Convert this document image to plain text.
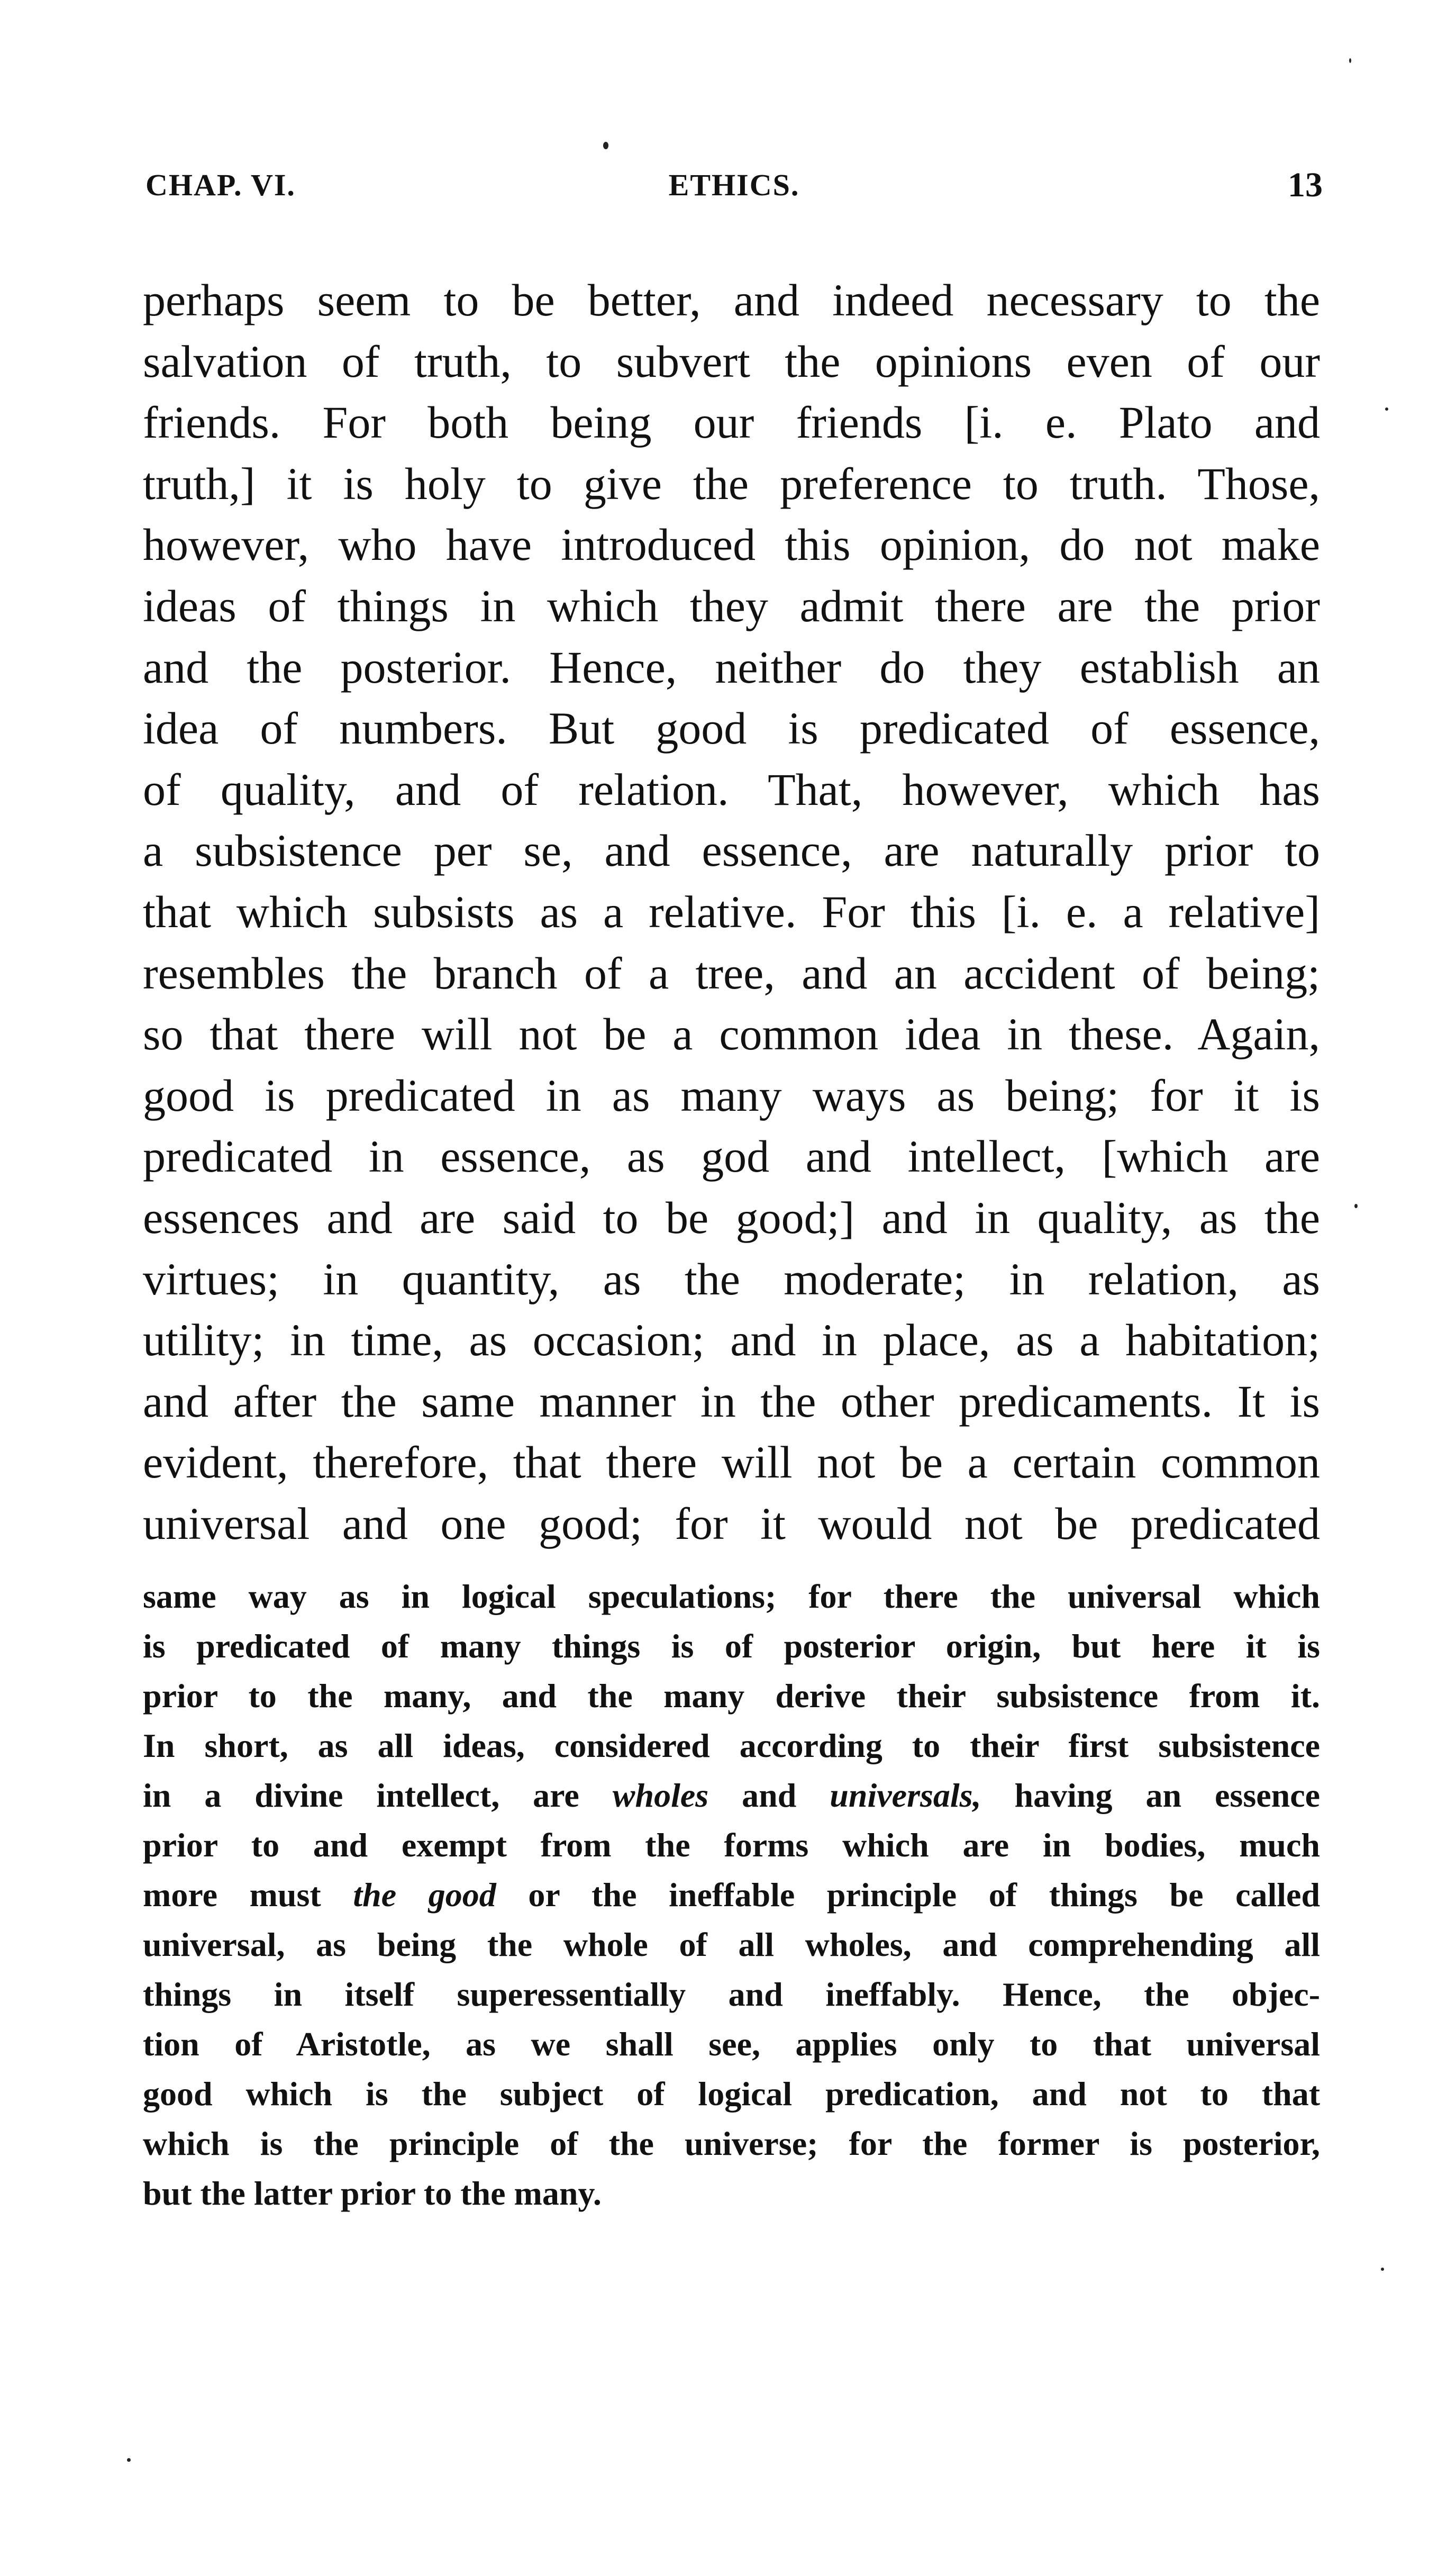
CHAP. VI.	ETHICS.	13
perhaps seem to be better, and indeed necessary to the
salvation of truth, to subvert the opinions even of our
friends. For both being our friends [i. e. Plato and
truth,] it is holy to give the preference to truth. Those,
however, who have introduced this opinion, do not make
ideas of things in which they admit there are the prior
and the posterior. Hence, neither do they establish an
idea of numbers. But good is predicated of essence,
of quality, and of relation. That, however, which has
a subsistence per se, and essence, are naturally prior to
that which subsists as a relative. For this [i. e. a relative]
resembles the branch of a tree, and an accident of being;
so that there will not be a common idea in these. Again,
good is predicated in as many ways as being; for it is
predicated in essence, as god and intellect, [which are
essences and are said to be good;] and in quality, as the
virtues; in quantity, as the moderate; in relation, as
utility; in time, as occasion; and in place, as a habitation;
and after the same manner in the other predicaments. It is
evident, therefore, that there will not be a certain common
universal and one good; for it would not be predicated
same way as in logical speculations; for there the universal which
is predicated of many things is of posterior origin, but here it is
prior to the many, and the many derive their subsistence from it.
In short, as all ideas, considered according to their first subsistence
in a divine intellect, are wholes and universals, having an essence
prior to and exempt from the forms which are in bodies, much
more must the good or the ineffable principle of things be called
universal, as being the whole of all wholes, and comprehending all
things in itself superessentially and ineffably. Hence, the objec-
tion of Aristotle, as we shall see, applies only to that universal
good which is the subject of logical predication, and not to that
which is the principle of the universe; for the former is posterior,
but the latter prior to the many.
